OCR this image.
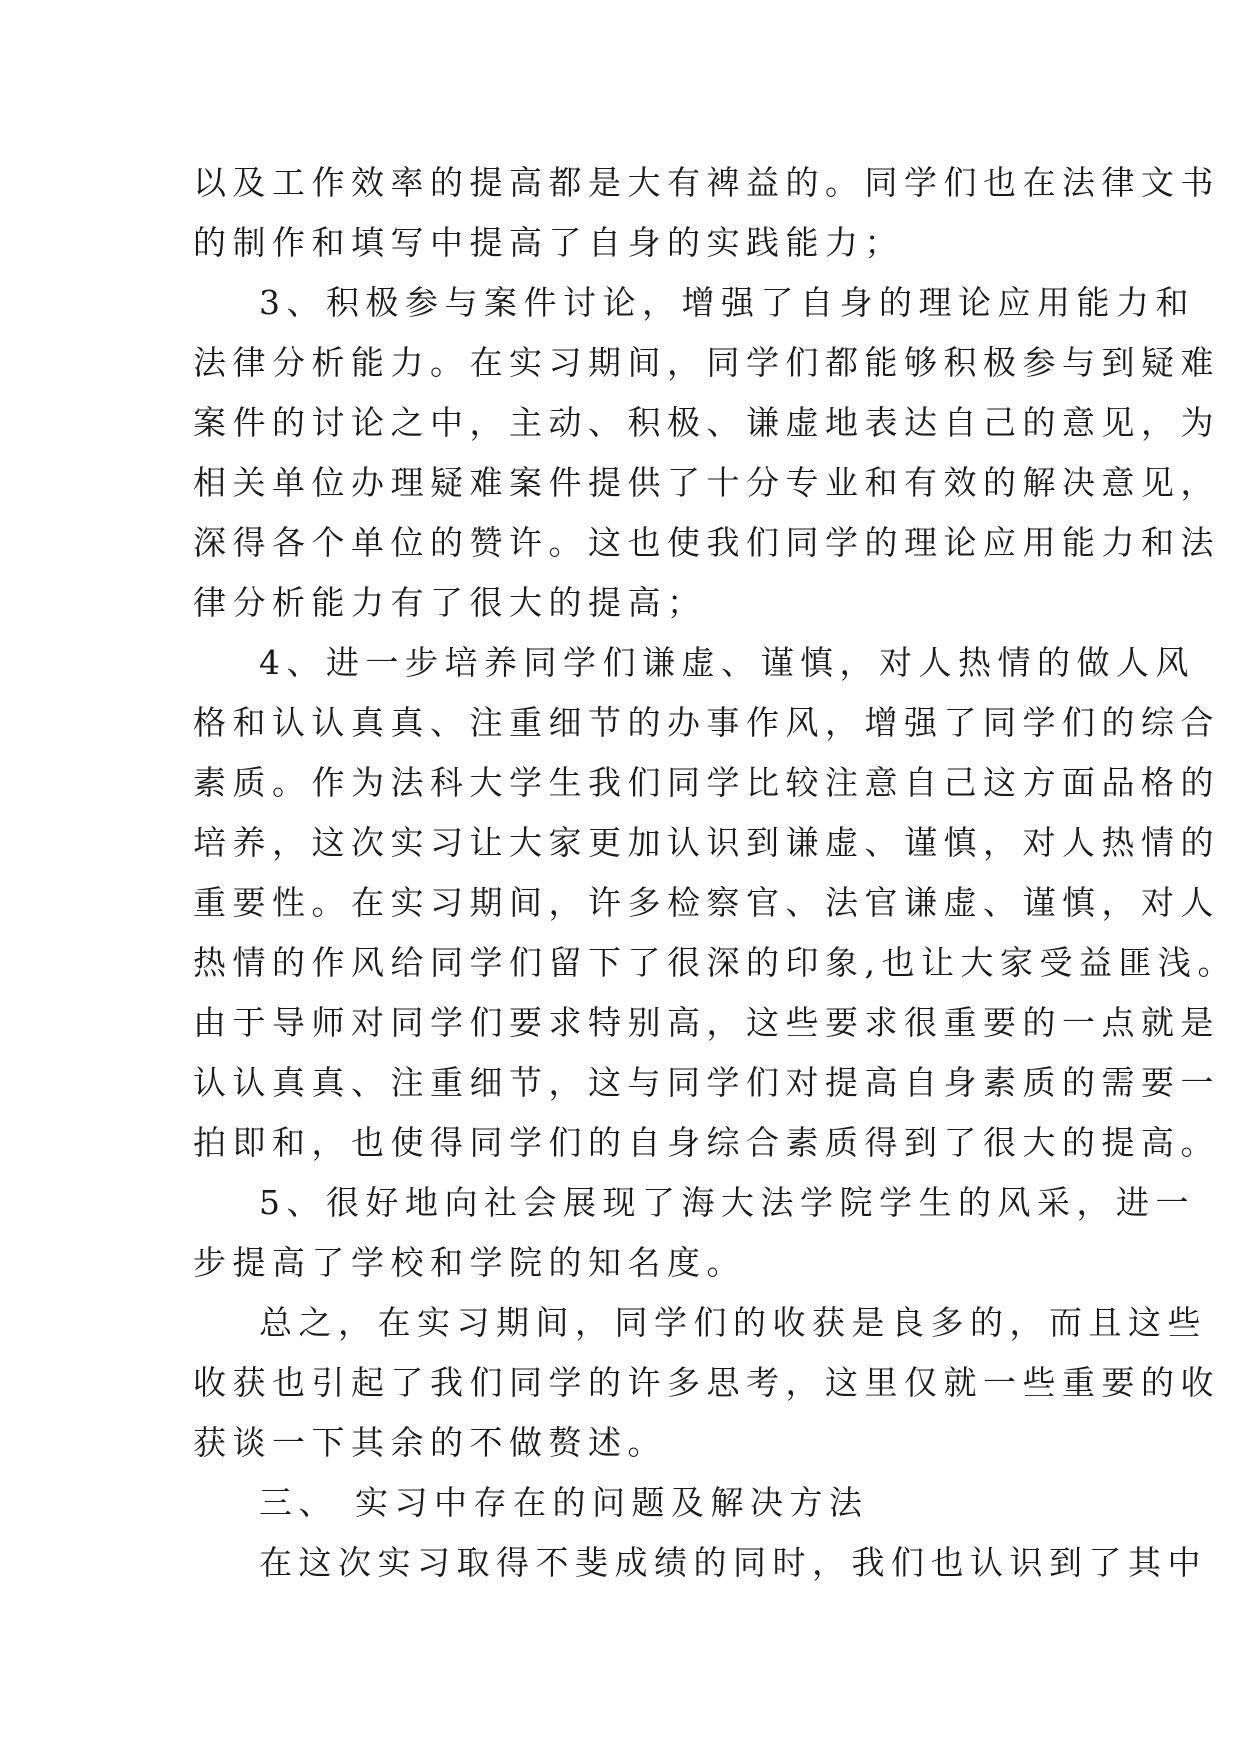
以及工作效率的提高都是大有裨益的。同学们也在法律文书
的制作和填写中提高了自身的实践能力；
3、积极参与案件讨论，增强了自身的理论应用能力和
法律分析能力。在实习期间，同学们都能够积极参与到疑难
案件的讨论之中，主动、积极、谦虚地表达自己的意见，为
相关单位办理疑难案件提供了十分专业和有效的解决意见，
深得各个单位的赞许。这也使我们同学的理论应用能力和法
律分析能力有了很大的提高；
4、进一步培养同学们谦虚、谨慎，对人热情的做人风
格和认认真真、注重细节的办事作风，增强了同学们的综合
素质。作为法科大学生我们同学比较注意自己这方面品格的
培养，这次实习让大家更加认识到谦虚、谨慎，对人热情的
重要性。在实习期间，许多检察官、法官谦虚、谨慎，对人
热情的作风给同学们留下了很深的印象,也让大家受益匪浅。
由于导师对同学们要求特别高，这些要求很重要的一点就是
认认真真、注重细节，这与同学们对提高自身素质的需要一
拍即和，也使得同学们的自身综合素质得到了很大的提高。
5、很好地向社会展现了海大法学院学生的风采，进一
步提高了学校和学院的知名度。
总之，在实习期间，同学们的收获是良多的，而且这些
收获也引起了我们同学的许多思考，这里仅就一些重要的收
获谈一下其余的不做赘述。
三、 实习中存在的问题及解决方法
在这次实习取得不斐成绩的同时，我们也认识到了其中
